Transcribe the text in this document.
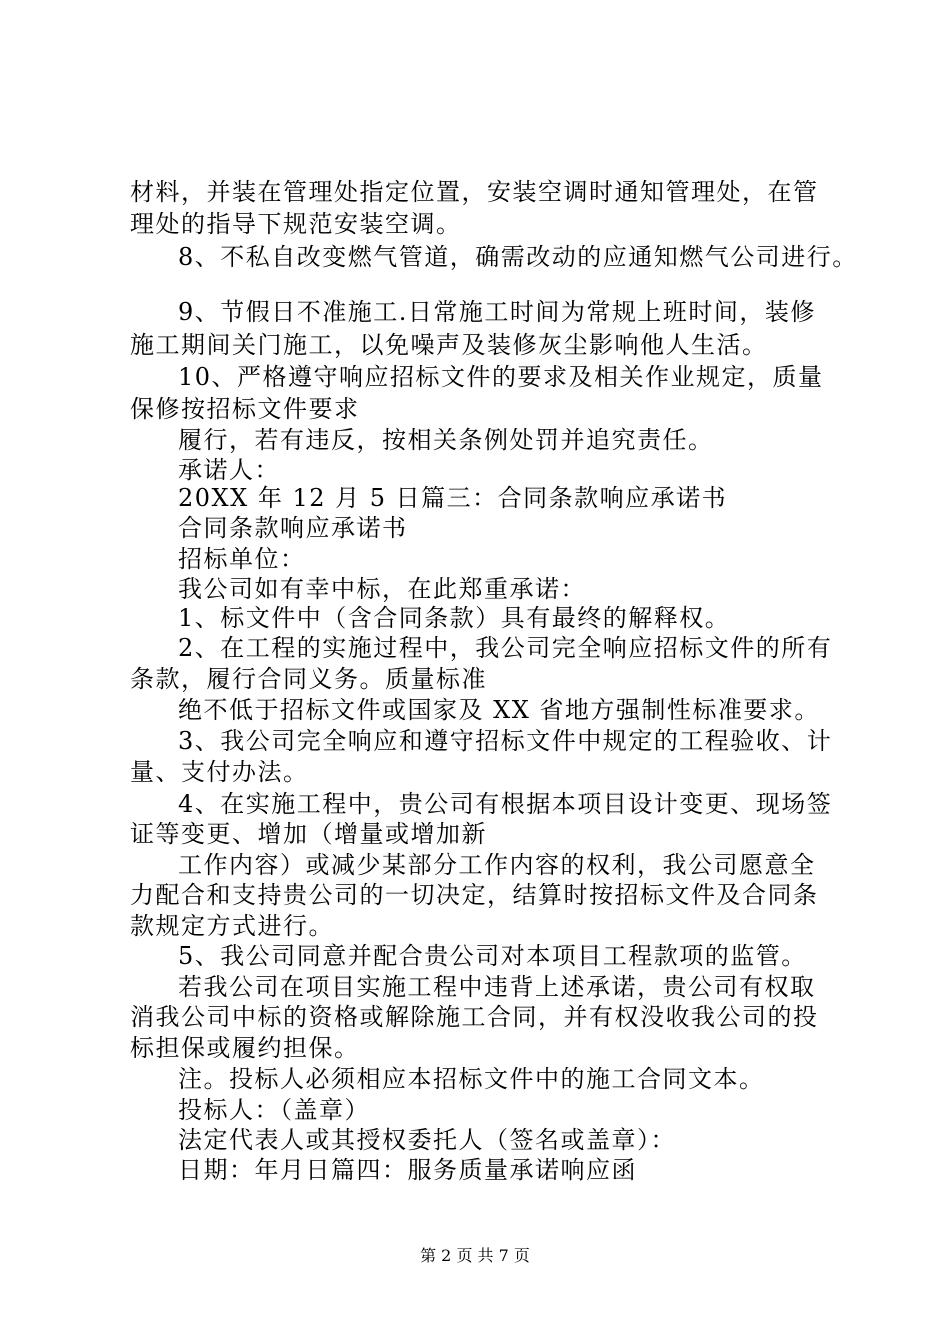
材料，并装在管理处指定位置，安装空调时通知管理处，在管
理处的指导下规范安装空调。
8、不私自改变燃气管道，确需改动的应通知燃气公司进行。
9、节假日不准施工.日常施工时间为常规上班时间，装修
施工期间关门施工，以免噪声及装修灰尘影响他人生活。
10、严格遵守响应招标文件的要求及相关作业规定，质量
保修按招标文件要求
履行，若有违反，按相关条例处罚并追究责任。
承诺人：
20XX 年 12 月 5 日篇三：合同条款响应承诺书
合同条款响应承诺书
招标单位：
我公司如有幸中标，在此郑重承诺：
1、标文件中（含合同条款）具有最终的解释权。
2、在工程的实施过程中，我公司完全响应招标文件的所有
条款，履行合同义务。质量标准
绝不低于招标文件或国家及 XX 省地方强制性标准要求。
3、我公司完全响应和遵守招标文件中规定的工程验收、计
量、支付办法。
4、在实施工程中，贵公司有根据本项目设计变更、现场签
证等变更、增加（增量或增加新
工作内容）或减少某部分工作内容的权利，我公司愿意全
力配合和支持贵公司的一切决定，结算时按招标文件及合同条
款规定方式进行。
5、我公司同意并配合贵公司对本项目工程款项的监管。
若我公司在项目实施工程中违背上述承诺，贵公司有权取
消我公司中标的资格或解除施工合同，并有权没收我公司的投
标担保或履约担保。
注。投标人必须相应本招标文件中的施工合同文本。
投标人：（盖章）
法定代表人或其授权委托人（签名或盖章）：
日期：年月日篇四：服务质量承诺响应函
第 2 页 共 7 页
